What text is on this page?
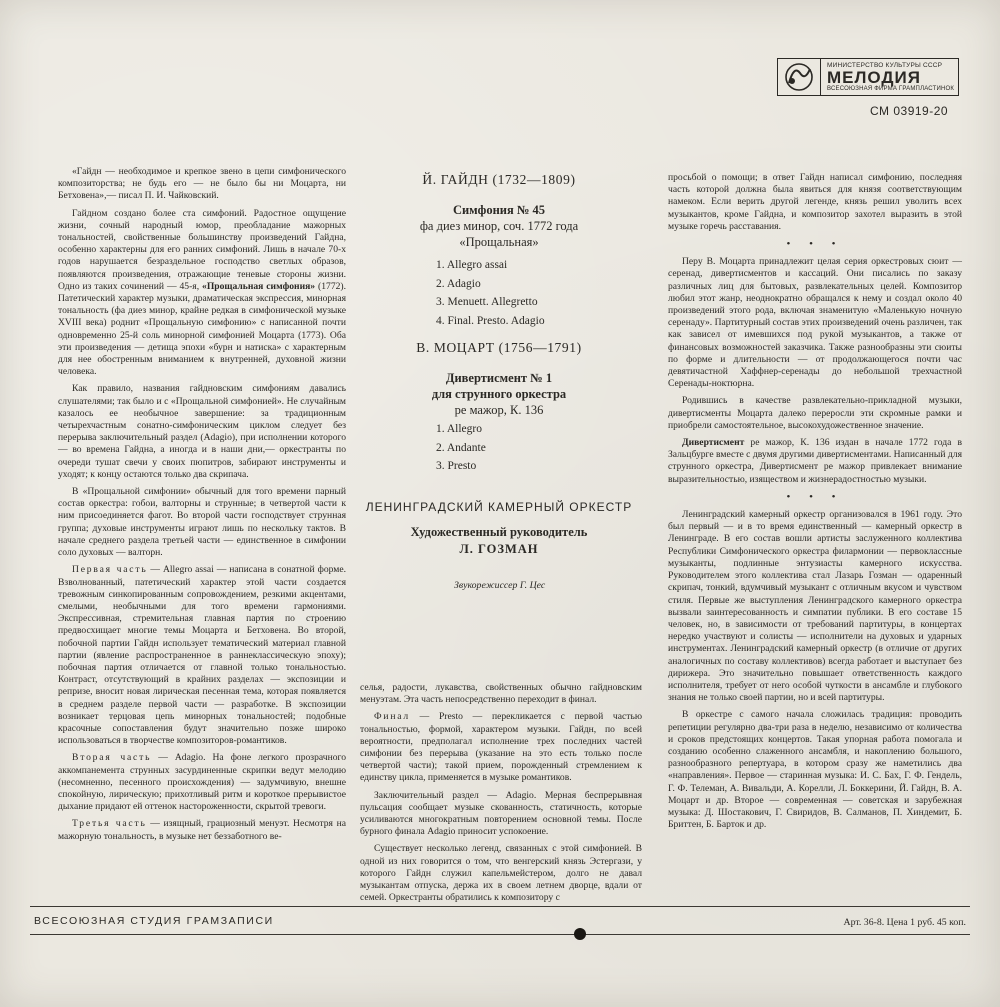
МИНИСТЕРСТВО КУЛЬТУРЫ СССР
МЕЛОДИЯ
ВСЕСОЮЗНАЯ ФИРМА ГРАМПЛАСТИНОК
СМ 03919-20

«Гайдн — необходимое и крепкое звено в цепи симфонического композиторства; не будь его — не было бы ни Моцарта, ни Бетховена»,— писал П. И. Чайковский.

Гайдном создано более ста симфоний. Радостное ощущение жизни, сочный народный юмор, преобладание мажорных тональностей, свойственные большинству произведений Гайдна, особенно характерны для его ранних симфоний. Лишь в начале 70-х годов нарушается безраздельное господство светлых образов, появляются произведения, отражающие теневые стороны жизни. Одно из таких сочинений — 45-я, «Прощальная симфония» (1772). Патетический характер музыки, драматическая экспрессия, минорная тональность (фа диез минор, крайне редкая в симфонической музыке XVIII века) роднит «Прощальную симфонию» с написанной почти одновременно 25-й соль минорной симфонией Моцарта (1773). Оба эти произведения — детища эпохи «бурн и натиска» с характерным для нее обостренным вниманием к внутренней, духовной жизни человека.

Как правило, названия гайдновским симфониям давались слушателями; так было и с «Прощальной симфонией». Не случайным казалось ее необычное завершение: за традиционным четырехчастным сонатно-симфоническим циклом следует без перерыва заключительный раздел (Adagio), при исполнении которого — во времена Гайдна, а иногда и в наши дни,— оркестранты по очереди тушат свечи у своих пюпитров, забирают инструменты и уходят; к концу остаются только два скрипача.

В «Прощальной симфонии» обычный для того времени парный состав оркестра: гобои, валторны и струнные; в четвертой части к ним присоединяется фагот. Во второй части господствует струнная группа; духовые инструменты играют лишь по нескольку тактов. В начале среднего раздела третьей части — единственное в симфонии соло духовых — валторн.

Первая часть — Allegro assai — написана в сонатной форме. Взволнованный, патетический характер этой части создается тревожным синкопированным сопровождением, резкими акцентами, смелыми, необычными для того времени гармониями. Экспрессивная, стремительная главная партия по строению предвосхищает многие темы Моцарта и Бетховена. Во второй, побочной партии Гайдн использует тематический материал главной партии (явление распространенное в раннеклассическую эпоху); побочная партия отличается от главной только тональностью. Контраст, отсутствующий в крайних разделах — экспозиции и репризе, вносит новая лирическая песенная тема, которая появляется в среднем разделе первой части — разработке. В экспозиции возникает терцовая цепь минорных тональностей; подобные красочные сопоставления будут значительно позже широко использоваться в творчестве композиторов-романтиков.

Вторая часть — Adagio. На фоне легкого прозрачного аккомпанемента струнных засурдиненные скрипки ведут мелодию (несомненно, песенного происхождения) — задумчивую, внешне спокойную, лирическую; прихотливый ритм и короткое прерывистое дыхание придают ей оттенок настороженности, скрытой тревоги.

Третья часть — изящный, грациозный менуэт. Несмотря на мажорную тональность, в музыке нет беззаботного ве-

Й. ГАЙДН (1732—1809)

Симфония № 45

фа диез минор, соч. 1772 года

«Прощальная»

1. Allegro assai
2. Adagio
3. Menuett. Allegretto
4. Final. Presto. Adagio

В. МОЦАРТ (1756—1791)

Дивертисмент № 1

для струнного оркестра

ре мажор, К. 136

1. Allegro
2. Andante
3. Presto

ЛЕНИНГРАДСКИЙ КАМЕРНЫЙ ОРКЕСТР

Художественный руководитель

Л. ГОЗМАН

Звукорежиссер Г. Цес

селья, радости, лукавства, свойственных обычно гайдновским менуэтам. Эта часть непосредственно переходит в финал.

Финал — Presto — перекликается с первой частью тональностью, формой, характером музыки. Гайдн, по всей вероятности, предполагал исполнение трех последних частей симфонии без перерыва (указание на это есть только после четвертой части); такой прием, порожденный стремлением к единству цикла, применяется в музыке романтиков.

Заключительный раздел — Adagio. Мерная беспрерывная пульсация сообщает музыке скованность, статичность, которые усиливаются многократным повторением основной темы. После бурного финала Adagio приносит успокоение.

Существует несколько легенд, связанных с этой симфонией. В одной из них говорится о том, что венгерский князь Эстергази, у которого Гайдн служил капельмейстером, долго не давал музыкантам отпуска, держа их в своем летнем дворце, вдали от семей. Оркестранты обратились к композитору с

просьбой о помощи; в ответ Гайдн написал симфонию, последняя часть которой должна была явиться для князя соответствующим намеком. Если верить другой легенде, князь решил уволить всех музыкантов, кроме Гайдна, и композитор захотел выразить в этой музыке горечь расставания.

• • •

Перу В. Моцарта принадлежит целая серия оркестровых сюит — серенад, дивертисментов и кассаций. Они писались по заказу различных лиц для бытовых, развлекательных целей. Композитор любил этот жанр, неоднократно обращался к нему и создал около 40 произведений этого рода, включая знаменитую «Маленькую ночную серенаду». Партитурный состав этих произведений очень различен, так как зависел от имевшихся под рукой музыкантов, а также от финансовых возможностей заказчика. Также разнообразны эти сюиты по форме и длительности — от продолжающегося почти час девятичастной Хаффнер-серенады до небольшой трехчастной Серенады-ноктюрна.

Родившись в качестве развлекательно-прикладной музыки, дивертисменты Моцарта далеко переросли эти скромные рамки и приобрели самостоятельное, высокохудожественное значение.

Дивертисмент ре мажор, К. 136 издан в начале 1772 года в Зальцбурге вместе с двумя другими дивертисментами. Написанный для струнного оркестра, Дивертисмент ре мажор привлекает внимание выразительностью, изяществом и жизнерадостностью музыки.

• • •

Ленинградский камерный оркестр организовался в 1961 году. Это был первый — и в то время единственный — камерный оркестр в Ленинграде. В его состав вошли артисты заслуженного коллектива Республики Симфонического оркестра филармонии — первоклассные музыканты, подлинные энтузиасты камерного искусства. Руководителем этого коллектива стал Лазарь Гозман — одаренный скрипач, тонкий, вдумчивый музыкант с отличным вкусом и чувством стиля. Первые же выступления Ленинградского камерного оркестра вызвали заинтересованность и симпатии публики. В его составе 15 человек, но, в зависимости от требований партитуры, в концертах нередко участвуют и солисты — исполнители на духовых и ударных инструментах. Ленинградский камерный оркестр (в отличие от других аналогичных по составу коллективов) всегда работает и выступает без дирижера. Это значительно повышает ответственность каждого исполнителя, требует от него особой чуткости в ансамбле и глубокого знания не только своей партии, но и всей партитуры.

В оркестре с самого начала сложилась традиция: проводить репетиции регулярно два-три раза в неделю, независимо от количества и сроков предстоящих концертов. Такая упорная работа помогала и созданию особенно слаженного ансамбля, и накоплению большого, разнообразного репертуара, в котором сразу же наметились два «направления». Первое — старинная музыка: И. С. Бах, Г. Ф. Гендель, Г. Ф. Телеман, А. Вивальди, А. Корелли, Л. Боккерини, Й. Гайдн, В. А. Моцарт и др. Второе — современная — советская и зарубежная музыка: Д. Шостакович, Г. Свиридов, В. Салманов, П. Хиндемит, Б. Бриттен, Б. Барток и др.

ВСЕСОЮЗНАЯ СТУДИЯ ГРАМЗАПИСИ	Арт. 36-8. Цена 1 руб. 45 коп.
